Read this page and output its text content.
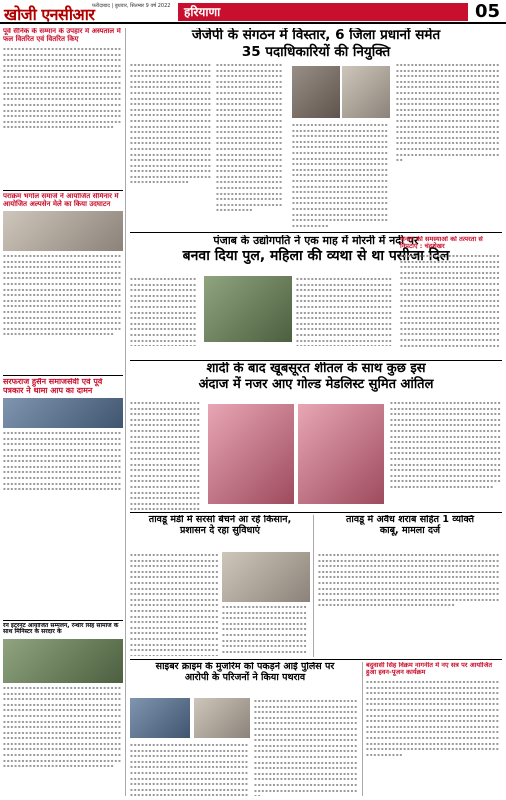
खोजी एनसीआर
फरीदाबाद | बुधवार, सितम्बर 9 वर्ष 2022	हरियाणा	05
पूर्व सैनिक के सम्मान के उपहार में अस्पताल में फल वितरित एवं वितरित किए
▪▪▪▪▪▪▪▪▪▪▪▪▪▪▪▪▪▪▪▪▪▪▪▪▪▪▪▪▪▪▪▪▪▪▪▪▪▪▪▪▪▪▪▪▪▪▪▪▪▪▪▪▪▪▪▪▪▪▪▪▪▪▪▪▪▪▪▪▪▪▪▪▪▪▪▪▪▪▪▪▪▪▪▪▪▪▪▪▪▪▪▪▪▪▪▪▪▪▪▪▪▪▪▪▪▪▪▪▪▪▪▪▪▪▪▪▪▪▪▪▪▪▪▪▪▪▪▪▪▪▪▪▪▪▪▪▪▪▪▪▪▪▪▪▪▪▪▪▪▪▪▪▪▪▪▪▪▪▪▪▪▪▪▪▪▪▪▪▪▪▪▪▪▪▪▪▪▪▪▪▪▪▪▪▪▪▪▪▪▪▪▪▪▪▪▪▪▪▪▪▪▪▪▪▪▪▪▪▪▪▪▪▪▪▪▪▪▪▪▪▪▪▪▪▪▪▪▪▪▪▪▪▪▪▪▪▪▪▪▪▪▪▪▪▪▪▪▪▪▪▪▪▪▪▪▪▪▪▪▪▪▪▪▪▪▪▪▪▪▪▪▪▪▪▪▪▪▪▪▪▪▪▪▪▪▪▪▪▪▪▪▪▪▪▪▪▪▪▪▪▪▪▪▪▪▪▪▪▪▪▪▪▪▪▪▪▪▪▪▪▪▪▪▪▪▪▪▪▪▪▪▪▪▪▪▪▪▪▪▪▪▪▪▪▪▪▪▪▪▪▪▪▪▪▪▪▪▪▪▪▪▪▪▪▪▪▪▪▪▪▪▪▪▪▪▪▪▪▪▪▪▪▪▪▪▪▪▪▪▪▪▪▪▪▪▪▪▪▪▪▪▪▪▪▪▪▪▪▪▪▪▪▪▪▪▪▪▪▪▪▪▪▪▪▪▪▪▪▪▪▪▪▪▪▪▪▪▪▪▪▪▪▪▪▪▪▪▪▪▪▪▪▪▪▪▪▪▪▪▪▪▪▪▪▪▪▪▪▪▪▪▪▪▪▪▪▪▪
पराक्रम भगोल समाजे ने आयोजित सेमिनार में आयोजित अल्पसेन मेले का किया उदघाटन
▪▪▪▪▪▪▪▪▪▪▪▪▪▪▪▪▪▪▪▪▪▪▪▪▪▪▪▪▪▪▪▪▪▪▪▪▪▪▪▪▪▪▪▪▪▪▪▪▪▪▪▪▪▪▪▪▪▪▪▪▪▪▪▪▪▪▪▪▪▪▪▪▪▪▪▪▪▪▪▪▪▪▪▪▪▪▪▪▪▪▪▪▪▪▪▪▪▪▪▪▪▪▪▪▪▪▪▪▪▪▪▪▪▪▪▪▪▪▪▪▪▪▪▪▪▪▪▪▪▪▪▪▪▪▪▪▪▪▪▪▪▪▪▪▪▪▪▪▪▪▪▪▪▪▪▪▪▪▪▪▪▪▪▪▪▪▪▪▪▪▪▪▪▪▪▪▪▪▪▪▪▪▪▪▪▪▪▪▪▪▪▪▪▪▪▪▪▪▪▪▪▪▪▪▪▪▪▪▪▪▪▪▪▪▪▪▪▪▪▪▪▪▪▪▪▪▪▪▪▪▪▪▪▪▪▪▪▪▪▪▪▪▪▪▪▪▪▪▪▪▪▪▪▪▪▪▪▪▪▪▪▪▪▪▪▪▪▪▪▪▪▪▪▪▪▪▪▪▪▪▪▪▪▪▪▪▪▪▪▪▪▪▪▪▪▪▪▪▪▪▪▪▪▪▪▪▪▪▪▪▪▪▪▪▪▪▪▪▪▪▪▪▪▪▪▪▪▪▪▪▪▪▪▪▪▪▪▪▪▪▪▪▪▪▪▪▪▪▪▪▪▪▪▪▪▪▪▪▪▪▪▪▪▪▪▪▪▪▪▪▪▪▪▪▪▪▪▪▪▪▪▪▪▪▪▪▪▪▪▪▪▪▪▪▪▪▪▪▪▪▪▪▪▪▪▪▪▪▪▪▪▪▪▪▪▪▪▪▪▪▪▪▪▪▪▪▪▪▪▪▪▪▪▪▪▪▪▪▪▪▪▪▪▪▪▪▪▪▪▪▪▪▪▪▪▪▪▪▪▪▪▪▪▪▪▪▪▪▪▪▪▪▪▪▪▪▪▪
सरफराज हुसैन समाजसेवी एवं पूर्व पत्रकार ने थामा आप का दामन
▪▪▪▪▪▪▪▪▪▪▪▪▪▪▪▪▪▪▪▪▪▪▪▪▪▪▪▪▪▪▪▪▪▪▪▪▪▪▪▪▪▪▪▪▪▪▪▪▪▪▪▪▪▪▪▪▪▪▪▪▪▪▪▪▪▪▪▪▪▪▪▪▪▪▪▪▪▪▪▪▪▪▪▪▪▪▪▪▪▪▪▪▪▪▪▪▪▪▪▪▪▪▪▪▪▪▪▪▪▪▪▪▪▪▪▪▪▪▪▪▪▪▪▪▪▪▪▪▪▪▪▪▪▪▪▪▪▪▪▪▪▪▪▪▪▪▪▪▪▪▪▪▪▪▪▪▪▪▪▪▪▪▪▪▪▪▪▪▪▪▪▪▪▪▪▪▪▪▪▪▪▪▪▪▪▪▪▪▪▪▪▪▪▪▪▪▪▪▪▪▪▪▪▪▪▪▪▪▪▪▪▪▪▪▪▪▪▪▪▪▪▪▪▪▪▪▪▪▪▪▪▪▪▪▪▪▪▪▪▪▪▪▪▪▪▪▪▪▪▪▪▪▪▪▪▪▪▪▪▪▪▪▪▪▪▪▪▪▪▪▪▪▪▪▪▪▪▪▪▪▪▪▪▪▪▪▪▪▪▪▪▪▪▪▪▪▪▪▪▪▪▪▪▪▪▪▪▪▪▪▪▪▪▪▪▪▪▪▪▪▪▪▪▪▪▪▪▪▪▪▪▪▪▪▪▪▪▪▪▪▪▪▪▪▪▪▪▪▪▪▪▪▪▪▪▪▪▪▪▪▪▪▪▪▪▪▪▪▪▪▪▪▪▪▪▪▪▪▪▪▪▪▪▪▪▪▪▪▪▪▪▪▪▪▪▪▪▪▪▪▪▪▪▪▪▪▪▪▪▪▪▪▪▪▪▪▪▪▪▪▪▪▪▪▪▪▪▪▪▪▪▪▪▪▪▪▪▪▪▪▪▪▪▪▪▪▪▪▪▪▪▪▪▪▪▪▪▪▪▪▪▪▪▪▪▪▪▪▪▪▪▪▪▪▪▪▪▪
रन इंटरनेट आयोजित सम्मेलन, रन्धीर सिंह सामाज के साथ मिनिस्टर के सरदार के
▪▪▪▪▪▪▪▪▪▪▪▪▪▪▪▪▪▪▪▪▪▪▪▪▪▪▪▪▪▪▪▪▪▪▪▪▪▪▪▪▪▪▪▪▪▪▪▪▪▪▪▪▪▪▪▪▪▪▪▪▪▪▪▪▪▪▪▪▪▪▪▪▪▪▪▪▪▪▪▪▪▪▪▪▪▪▪▪▪▪▪▪▪▪▪▪▪▪▪▪▪▪▪▪▪▪▪▪▪▪▪▪▪▪▪▪▪▪▪▪▪▪▪▪▪▪▪▪▪▪▪▪▪▪▪▪▪▪▪▪▪▪▪▪▪▪▪▪▪▪▪▪▪▪▪▪▪▪▪▪▪▪▪▪▪▪▪▪▪▪▪▪▪▪▪▪▪▪▪▪▪▪▪▪▪▪▪▪▪▪▪▪▪▪▪▪▪▪▪▪▪▪▪▪▪▪▪▪▪▪▪▪▪▪▪▪▪▪▪▪▪▪▪▪▪▪▪▪▪▪▪▪▪▪▪▪▪▪▪▪▪▪▪▪▪▪▪▪▪▪▪▪▪▪▪▪▪▪▪▪▪▪▪▪▪▪▪▪▪▪▪▪▪▪▪▪▪▪▪▪▪▪▪▪▪▪▪▪▪▪▪▪▪▪▪▪▪▪▪▪▪▪▪▪▪▪▪▪▪▪▪▪▪▪▪▪▪▪▪▪▪▪▪▪▪▪▪▪▪▪▪▪▪▪▪▪▪▪▪▪▪▪▪▪▪▪▪▪▪▪▪▪▪▪▪▪▪▪▪▪▪▪▪▪▪▪▪▪▪▪▪▪▪▪▪▪▪▪▪▪▪▪▪▪▪▪▪▪▪▪▪▪▪▪▪▪▪▪▪▪▪▪▪▪▪▪▪▪▪▪▪▪▪▪▪▪▪▪▪▪▪▪▪▪▪▪▪▪▪▪▪▪▪▪▪▪▪▪▪▪▪▪▪▪▪▪▪▪▪▪▪▪▪▪▪▪▪▪▪▪▪▪▪▪▪▪▪▪▪▪▪▪▪▪▪▪▪▪
जेजेपी के संगठन में विस्तार, 6 जिला प्रधानों समेत
35 पदाधिकारियों की नियुक्ति
▪▪▪▪▪▪▪▪▪▪▪▪▪▪▪▪▪▪▪▪▪▪▪▪▪▪▪▪▪▪▪▪▪▪▪▪▪▪▪▪▪▪▪▪▪▪▪▪▪▪▪▪▪▪▪▪▪▪▪▪▪▪▪▪▪▪▪▪▪▪▪▪▪▪▪▪▪▪▪▪▪▪▪▪▪▪▪▪▪▪▪▪▪▪▪▪▪▪▪▪▪▪▪▪▪▪▪▪▪▪▪▪▪▪▪▪▪▪▪▪▪▪▪▪▪▪▪▪▪▪▪▪▪▪▪▪▪▪▪▪▪▪▪▪▪▪▪▪▪▪▪▪▪▪▪▪▪▪▪▪▪▪▪▪▪▪▪▪▪▪▪▪▪▪▪▪▪▪▪▪▪▪▪▪▪▪▪▪▪▪▪▪▪▪▪▪▪▪▪▪▪▪▪▪▪▪▪▪▪▪▪▪▪▪▪▪▪▪▪▪▪▪▪▪▪▪▪▪▪▪▪▪▪▪▪▪▪▪▪▪▪▪▪▪▪▪▪▪▪▪▪▪▪▪▪▪▪▪▪▪▪▪▪▪▪▪▪▪▪▪▪▪▪▪▪▪▪▪▪▪▪▪▪▪▪▪▪▪▪▪▪▪▪▪▪▪▪▪▪▪▪▪▪▪▪▪▪▪▪▪▪▪▪▪▪▪▪▪▪▪▪▪▪▪▪▪▪▪▪▪▪▪▪▪▪▪▪▪▪▪▪▪▪▪▪▪▪▪▪▪▪▪▪▪▪▪▪▪▪▪▪▪▪▪▪▪▪▪▪▪▪▪▪▪▪▪▪▪▪▪▪▪▪▪▪▪▪▪▪▪▪▪▪▪▪▪▪▪▪▪▪▪▪▪▪▪▪▪▪▪▪▪▪▪▪▪▪▪▪▪▪▪▪▪▪▪▪▪▪▪▪▪▪▪▪▪▪▪▪▪▪▪▪▪▪▪▪▪▪▪▪▪▪▪▪▪▪▪▪▪▪▪▪▪▪▪▪▪▪▪▪▪▪▪▪▪▪▪
▪▪▪▪▪▪▪▪▪▪▪▪▪▪▪▪▪▪▪▪▪▪▪▪▪▪▪▪▪▪▪▪▪▪▪▪▪▪▪▪▪▪▪▪▪▪▪▪▪▪▪▪▪▪▪▪▪▪▪▪▪▪▪▪▪▪▪▪▪▪▪▪▪▪▪▪▪▪▪▪▪▪▪▪▪▪▪▪▪▪▪▪▪▪▪▪▪▪▪▪▪▪▪▪▪▪▪▪▪▪▪▪▪▪▪▪▪▪▪▪▪▪▪▪▪▪▪▪▪▪▪▪▪▪▪▪▪▪▪▪▪▪▪▪▪▪▪▪▪▪▪▪▪▪▪▪▪▪▪▪▪▪▪▪▪▪▪▪▪▪▪▪▪▪▪▪▪▪▪▪▪▪▪▪▪▪▪▪▪▪▪▪▪▪▪▪▪▪▪▪▪▪▪▪▪▪▪▪▪▪▪▪▪▪▪▪▪▪▪▪▪▪▪▪▪▪▪▪▪▪▪▪▪▪▪▪▪▪▪▪▪▪▪▪▪▪▪▪▪▪▪▪▪▪▪▪▪▪▪▪▪▪▪▪▪▪▪▪▪▪▪▪▪▪▪▪▪▪▪▪▪▪▪▪▪▪▪▪▪▪▪▪▪▪▪▪▪▪▪▪▪▪▪▪▪▪▪▪▪▪▪▪▪▪▪▪▪▪▪▪▪▪▪▪▪▪▪▪▪▪▪▪▪▪▪▪▪▪▪▪▪▪▪▪▪▪▪▪▪▪▪▪▪▪▪▪▪▪▪▪▪▪▪▪▪▪▪▪▪▪▪▪▪▪▪▪▪▪▪▪▪▪▪▪▪▪▪▪▪▪▪▪▪▪▪▪▪▪▪▪▪▪▪▪▪▪▪▪▪▪▪▪▪▪▪▪▪▪▪▪▪▪▪▪▪▪▪▪▪▪▪▪▪▪▪▪▪▪▪▪▪▪▪▪▪▪▪▪▪▪▪▪▪▪▪▪▪▪▪▪▪▪▪▪▪▪▪▪▪▪▪▪▪▪▪▪▪▪
▪▪▪▪▪▪▪▪▪▪▪▪▪▪▪▪▪▪▪▪▪▪▪▪▪▪▪▪▪▪▪▪▪▪▪▪▪▪▪▪▪▪▪▪▪▪▪▪▪▪▪▪▪▪▪▪▪▪▪▪▪▪▪▪▪▪▪▪▪▪▪▪▪▪▪▪▪▪▪▪▪▪▪▪▪▪▪▪▪▪▪▪▪▪▪▪▪▪▪▪▪▪▪▪▪▪▪▪▪▪▪▪▪▪▪▪▪▪▪▪▪▪▪▪▪▪▪▪▪▪▪▪▪▪▪▪▪▪▪▪▪▪▪▪▪▪▪▪▪▪▪▪▪▪▪▪▪▪▪▪▪▪▪▪▪▪▪▪▪▪▪▪▪▪▪▪▪▪▪▪▪▪▪▪▪▪▪▪▪▪▪▪▪▪▪▪▪▪▪▪▪▪▪▪▪▪▪▪▪▪▪▪▪▪▪▪▪▪▪▪▪▪▪▪▪▪▪▪▪▪▪▪▪▪▪▪▪▪▪▪▪▪▪▪▪▪▪▪▪▪▪▪▪▪▪▪▪▪▪▪▪▪▪▪▪▪▪▪▪▪▪▪▪▪▪▪▪▪▪▪▪▪▪▪▪▪▪▪▪▪▪▪▪▪▪▪▪▪▪▪▪▪▪▪▪▪▪▪▪▪▪▪▪▪▪▪▪▪▪▪▪▪▪▪▪▪▪▪▪▪▪▪▪▪▪▪▪▪▪▪▪▪▪▪▪▪▪▪▪▪▪▪▪▪▪▪▪▪▪▪▪▪▪▪▪▪▪▪▪▪▪▪▪▪▪▪▪▪▪▪▪▪▪▪▪▪▪▪▪▪▪▪▪▪▪▪▪▪▪▪▪▪▪▪▪▪▪▪▪▪▪▪▪▪▪▪▪▪▪▪▪▪▪▪▪▪▪▪▪▪▪▪▪▪▪▪▪▪▪▪▪▪▪▪▪▪▪▪▪▪▪▪▪▪▪▪▪▪▪▪▪▪▪▪▪▪▪▪▪▪▪▪▪▪▪▪▪▪
▪▪▪▪▪▪▪▪▪▪▪▪▪▪▪▪▪▪▪▪▪▪▪▪▪▪▪▪▪▪▪▪▪▪▪▪▪▪▪▪▪▪▪▪▪▪▪▪▪▪▪▪▪▪▪▪▪▪▪▪▪▪▪▪▪▪▪▪▪▪▪▪▪▪▪▪▪▪▪▪▪▪▪▪▪▪▪▪▪▪▪▪▪▪▪▪▪▪▪▪▪▪▪▪▪▪▪▪▪▪▪▪▪▪▪▪▪▪▪▪▪▪▪▪▪▪▪▪▪▪▪▪▪▪▪▪▪▪▪▪▪▪▪▪▪▪▪▪▪▪▪▪▪▪▪▪▪▪▪▪▪▪▪▪▪▪▪▪▪▪▪▪▪▪▪▪▪▪▪▪▪▪▪▪▪▪▪▪▪▪▪▪▪▪▪▪▪▪▪▪▪▪▪▪▪▪▪▪▪▪▪▪▪▪▪▪▪▪▪▪▪▪▪▪▪▪▪▪▪▪▪▪▪▪▪▪▪▪▪▪▪▪▪▪▪▪▪▪▪▪▪▪▪▪▪▪▪▪▪▪▪▪▪▪▪▪▪▪▪▪▪▪▪▪▪▪▪▪▪▪▪▪▪▪▪▪▪▪▪▪▪▪▪▪▪▪▪▪▪▪▪▪▪▪▪▪▪▪▪▪▪▪▪▪▪▪▪▪▪▪▪▪▪▪▪▪▪▪▪▪▪▪▪▪▪▪▪▪▪▪▪▪▪▪▪▪▪▪▪▪▪▪▪▪▪▪▪▪▪▪▪▪▪▪▪▪▪▪▪▪▪▪▪▪▪▪▪▪▪▪▪▪▪▪▪▪▪▪▪▪▪▪▪▪▪▪▪▪▪▪▪▪▪▪▪▪▪▪▪▪▪▪▪▪▪▪▪▪▪▪▪▪▪▪▪▪▪▪▪▪▪▪▪▪▪▪▪▪▪▪▪▪▪▪▪▪▪▪▪▪▪▪▪▪▪▪▪▪▪▪▪▪▪▪▪▪▪▪▪▪▪▪▪▪▪▪▪▪
पंजाब के उद्योगपति ने एक माह में मोरनी में नदी पर
बनवा दिया पुल, महिला की व्यथा से था पसीजा दिल
▪▪▪▪▪▪▪▪▪▪▪▪▪▪▪▪▪▪▪▪▪▪▪▪▪▪▪▪▪▪▪▪▪▪▪▪▪▪▪▪▪▪▪▪▪▪▪▪▪▪▪▪▪▪▪▪▪▪▪▪▪▪▪▪▪▪▪▪▪▪▪▪▪▪▪▪▪▪▪▪▪▪▪▪▪▪▪▪▪▪▪▪▪▪▪▪▪▪▪▪▪▪▪▪▪▪▪▪▪▪▪▪▪▪▪▪▪▪▪▪▪▪▪▪▪▪▪▪▪▪▪▪▪▪▪▪▪▪▪▪▪▪▪▪▪▪▪▪▪▪▪▪▪▪▪▪▪▪▪▪▪▪▪▪▪▪▪▪▪▪▪▪▪▪▪▪▪▪▪▪▪▪▪▪▪▪▪▪▪▪▪▪▪▪▪▪▪▪▪▪▪▪▪▪▪▪▪▪▪▪▪▪▪▪▪▪▪▪▪▪▪▪▪▪▪▪▪▪▪▪▪▪▪▪▪▪▪▪▪▪▪▪▪▪▪▪▪▪▪▪▪▪▪▪▪▪▪▪▪▪▪▪▪▪▪▪▪▪▪▪▪▪▪▪▪▪▪▪▪▪▪▪▪▪▪▪▪▪▪▪▪▪▪▪▪▪▪▪▪▪▪▪▪▪▪▪▪▪▪▪▪▪▪▪▪▪▪▪▪▪▪▪▪▪▪▪▪▪▪▪▪▪▪▪▪▪▪▪▪▪▪▪▪▪▪▪▪▪▪▪▪▪▪▪▪▪▪▪▪▪▪▪▪▪▪▪▪▪▪▪▪▪▪▪▪▪▪▪▪▪▪▪▪▪▪▪▪▪▪▪▪▪▪▪▪▪▪▪▪▪▪▪▪▪▪▪▪▪▪▪▪▪▪▪▪▪▪▪▪▪▪▪▪▪▪▪▪▪▪▪▪▪▪▪▪▪▪▪▪▪▪▪▪▪▪▪▪▪▪▪▪▪▪▪▪▪▪▪▪▪▪▪▪▪▪▪▪▪▪▪▪▪▪▪▪▪▪▪
▪▪▪▪▪▪▪▪▪▪▪▪▪▪▪▪▪▪▪▪▪▪▪▪▪▪▪▪▪▪▪▪▪▪▪▪▪▪▪▪▪▪▪▪▪▪▪▪▪▪▪▪▪▪▪▪▪▪▪▪▪▪▪▪▪▪▪▪▪▪▪▪▪▪▪▪▪▪▪▪▪▪▪▪▪▪▪▪▪▪▪▪▪▪▪▪▪▪▪▪▪▪▪▪▪▪▪▪▪▪▪▪▪▪▪▪▪▪▪▪▪▪▪▪▪▪▪▪▪▪▪▪▪▪▪▪▪▪▪▪▪▪▪▪▪▪▪▪▪▪▪▪▪▪▪▪▪▪▪▪▪▪▪▪▪▪▪▪▪▪▪▪▪▪▪▪▪▪▪▪▪▪▪▪▪▪▪▪▪▪▪▪▪▪▪▪▪▪▪▪▪▪▪▪▪▪▪▪▪▪▪▪▪▪▪▪▪▪▪▪▪▪▪▪▪▪▪▪▪▪▪▪▪▪▪▪▪▪▪▪▪▪▪▪▪▪▪▪▪▪▪▪▪▪▪▪▪▪▪▪▪▪▪▪▪▪▪▪▪▪▪▪▪▪▪▪▪▪▪▪▪▪▪▪▪▪▪▪▪▪▪▪▪▪▪▪▪▪▪▪▪▪▪▪▪▪▪▪▪▪▪▪▪▪▪▪▪▪▪▪▪▪▪▪▪▪▪▪▪▪▪▪▪▪▪▪▪▪▪▪▪▪▪▪▪▪▪▪▪▪▪▪▪▪▪▪▪▪▪▪▪▪▪▪▪▪▪▪▪▪▪▪▪▪▪▪▪▪▪▪▪▪▪▪▪▪▪▪▪▪▪▪▪▪▪▪▪▪▪▪▪▪▪▪▪▪▪▪▪▪▪▪▪▪▪▪▪▪▪▪▪▪▪▪▪▪▪▪▪▪▪▪▪▪▪▪▪▪▪▪▪▪▪▪▪▪▪▪▪▪▪▪▪▪▪▪▪▪▪▪▪▪▪▪▪▪▪▪▪▪▪▪▪▪▪▪▪▪
जनता की समस्याओं को तत्परता से निपटाएं : चंद्रशेखर
▪▪▪▪▪▪▪▪▪▪▪▪▪▪▪▪▪▪▪▪▪▪▪▪▪▪▪▪▪▪▪▪▪▪▪▪▪▪▪▪▪▪▪▪▪▪▪▪▪▪▪▪▪▪▪▪▪▪▪▪▪▪▪▪▪▪▪▪▪▪▪▪▪▪▪▪▪▪▪▪▪▪▪▪▪▪▪▪▪▪▪▪▪▪▪▪▪▪▪▪▪▪▪▪▪▪▪▪▪▪▪▪▪▪▪▪▪▪▪▪▪▪▪▪▪▪▪▪▪▪▪▪▪▪▪▪▪▪▪▪▪▪▪▪▪▪▪▪▪▪▪▪▪▪▪▪▪▪▪▪▪▪▪▪▪▪▪▪▪▪▪▪▪▪▪▪▪▪▪▪▪▪▪▪▪▪▪▪▪▪▪▪▪▪▪▪▪▪▪▪▪▪▪▪▪▪▪▪▪▪▪▪▪▪▪▪▪▪▪▪▪▪▪▪▪▪▪▪▪▪▪▪▪▪▪▪▪▪▪▪▪▪▪▪▪▪▪▪▪▪▪▪▪▪▪▪▪▪▪▪▪▪▪▪▪▪▪▪▪▪▪▪▪▪▪▪▪▪▪▪▪▪▪▪▪▪▪▪▪▪▪▪▪▪▪▪▪▪▪▪▪▪▪▪▪▪▪▪▪▪▪▪▪▪▪▪▪▪▪▪▪▪▪▪▪▪▪▪▪▪▪▪▪▪▪▪▪▪▪▪▪▪▪▪▪▪▪▪▪▪▪▪▪▪▪▪▪▪▪▪▪▪▪▪▪▪▪▪▪▪▪▪▪▪▪▪▪▪▪▪▪▪▪▪▪▪▪▪▪▪▪▪▪▪▪▪▪▪▪▪▪▪▪▪▪▪▪▪▪▪▪▪▪▪▪▪▪▪▪▪▪▪▪▪▪▪▪▪▪▪▪▪▪▪▪▪▪▪▪▪▪▪▪▪▪▪▪▪▪▪▪▪▪▪▪▪▪▪▪▪▪▪▪▪▪▪▪▪▪▪▪▪▪▪▪▪▪▪
शादी के बाद खूबसूरत शीतल के साथ कुछ इस
अंदाज में नजर आए गोल्ड मेडलिस्ट सुमित आंतिल
▪▪▪▪▪▪▪▪▪▪▪▪▪▪▪▪▪▪▪▪▪▪▪▪▪▪▪▪▪▪▪▪▪▪▪▪▪▪▪▪▪▪▪▪▪▪▪▪▪▪▪▪▪▪▪▪▪▪▪▪▪▪▪▪▪▪▪▪▪▪▪▪▪▪▪▪▪▪▪▪▪▪▪▪▪▪▪▪▪▪▪▪▪▪▪▪▪▪▪▪▪▪▪▪▪▪▪▪▪▪▪▪▪▪▪▪▪▪▪▪▪▪▪▪▪▪▪▪▪▪▪▪▪▪▪▪▪▪▪▪▪▪▪▪▪▪▪▪▪▪▪▪▪▪▪▪▪▪▪▪▪▪▪▪▪▪▪▪▪▪▪▪▪▪▪▪▪▪▪▪▪▪▪▪▪▪▪▪▪▪▪▪▪▪▪▪▪▪▪▪▪▪▪▪▪▪▪▪▪▪▪▪▪▪▪▪▪▪▪▪▪▪▪▪▪▪▪▪▪▪▪▪▪▪▪▪▪▪▪▪▪▪▪▪▪▪▪▪▪▪▪▪▪▪▪▪▪▪▪▪▪▪▪▪▪▪▪▪▪▪▪▪▪▪▪▪▪▪▪▪▪▪▪▪▪▪▪▪▪▪▪▪▪▪▪▪▪▪▪▪▪▪▪▪▪▪▪▪▪▪▪▪▪▪▪▪▪▪▪▪▪▪▪▪▪▪▪▪▪▪▪▪▪▪▪▪▪▪▪▪▪▪▪▪▪▪▪▪▪▪▪▪▪▪▪▪▪▪▪▪▪▪▪▪▪▪▪▪▪▪▪▪▪▪▪▪▪▪▪▪▪▪▪▪▪▪▪▪▪▪▪▪▪▪▪▪▪▪▪▪▪▪▪▪▪▪▪▪▪▪▪▪▪▪▪▪▪▪▪▪▪▪▪▪▪▪▪▪▪▪▪▪▪▪▪▪▪▪▪▪▪▪▪▪▪▪▪▪▪▪▪▪▪▪▪▪▪▪▪▪▪▪▪▪▪▪▪▪▪▪▪▪▪▪▪▪▪▪
▪▪▪▪▪▪▪▪▪▪▪▪▪▪▪▪▪▪▪▪▪▪▪▪▪▪▪▪▪▪▪▪▪▪▪▪▪▪▪▪▪▪▪▪▪▪▪▪▪▪▪▪▪▪▪▪▪▪▪▪▪▪▪▪▪▪▪▪▪▪▪▪▪▪▪▪▪▪▪▪▪▪▪▪▪▪▪▪▪▪▪▪▪▪▪▪▪▪▪▪▪▪▪▪▪▪▪▪▪▪▪▪▪▪▪▪▪▪▪▪▪▪▪▪▪▪▪▪▪▪▪▪▪▪▪▪▪▪▪▪▪▪▪▪▪▪▪▪▪▪▪▪▪▪▪▪▪▪▪▪▪▪▪▪▪▪▪▪▪▪▪▪▪▪▪▪▪▪▪▪▪▪▪▪▪▪▪▪▪▪▪▪▪▪▪▪▪▪▪▪▪▪▪▪▪▪▪▪▪▪▪▪▪▪▪▪▪▪▪▪▪▪▪▪▪▪▪▪▪▪▪▪▪▪▪▪▪▪▪▪▪▪▪▪▪▪▪▪▪▪▪▪▪▪▪▪▪▪▪▪▪▪▪▪▪▪▪▪▪▪▪▪▪▪▪▪▪▪▪▪▪▪▪▪▪▪▪▪▪▪▪▪▪▪▪▪▪▪▪▪▪▪▪▪▪▪▪▪▪▪▪▪▪▪▪▪▪▪▪▪▪▪▪▪▪▪▪▪▪▪▪▪▪▪▪▪▪▪▪▪▪▪▪▪▪▪▪▪▪▪▪▪▪▪▪▪▪▪▪▪▪▪▪▪▪▪▪▪▪▪▪▪▪▪▪▪▪▪▪▪▪▪▪▪▪▪▪▪▪▪▪▪▪▪▪▪▪▪▪▪▪▪▪▪▪▪▪▪▪▪▪▪▪▪▪▪▪▪▪▪▪▪▪▪▪▪▪▪▪▪▪▪▪▪▪▪▪▪▪▪▪▪▪▪▪▪▪▪▪▪▪▪▪▪▪▪▪▪▪▪▪▪▪▪▪▪▪▪▪▪▪▪▪▪▪▪▪▪
तावडू मंडी में सरसों बेचने आ रहे किसान,
प्रशासन दे रहा सुविधाएं
▪▪▪▪▪▪▪▪▪▪▪▪▪▪▪▪▪▪▪▪▪▪▪▪▪▪▪▪▪▪▪▪▪▪▪▪▪▪▪▪▪▪▪▪▪▪▪▪▪▪▪▪▪▪▪▪▪▪▪▪▪▪▪▪▪▪▪▪▪▪▪▪▪▪▪▪▪▪▪▪▪▪▪▪▪▪▪▪▪▪▪▪▪▪▪▪▪▪▪▪▪▪▪▪▪▪▪▪▪▪▪▪▪▪▪▪▪▪▪▪▪▪▪▪▪▪▪▪▪▪▪▪▪▪▪▪▪▪▪▪▪▪▪▪▪▪▪▪▪▪▪▪▪▪▪▪▪▪▪▪▪▪▪▪▪▪▪▪▪▪▪▪▪▪▪▪▪▪▪▪▪▪▪▪▪▪▪▪▪▪▪▪▪▪▪▪▪▪▪▪▪▪▪▪▪▪▪▪▪▪▪▪▪▪▪▪▪▪▪▪▪▪▪▪▪▪▪▪▪▪▪▪▪▪▪▪▪▪▪▪▪▪▪▪▪▪▪▪▪▪▪▪▪▪▪▪▪▪▪▪▪▪▪▪▪▪▪▪▪▪▪▪▪▪▪▪▪▪▪▪▪▪▪▪▪▪▪▪▪▪▪▪▪▪▪▪▪▪▪▪▪▪▪▪▪▪▪▪▪▪▪▪▪▪▪▪▪▪▪▪▪▪▪▪▪▪▪▪▪▪▪▪▪▪▪▪▪▪▪▪▪▪▪▪▪▪▪▪▪▪▪▪▪▪▪▪▪▪▪▪▪▪▪▪▪▪▪▪▪▪▪▪▪▪▪▪▪▪▪▪▪▪▪▪▪▪▪▪▪▪▪▪▪▪▪▪▪▪▪▪▪▪▪▪▪▪▪▪▪▪▪▪▪▪▪▪▪▪▪▪▪▪▪▪▪▪▪▪▪▪▪▪▪▪▪▪▪▪▪▪▪▪▪▪▪▪▪▪▪▪▪▪▪▪▪▪▪▪▪▪▪▪▪▪▪▪▪▪▪▪▪▪▪▪▪▪▪▪
▪▪▪▪▪▪▪▪▪▪▪▪▪▪▪▪▪▪▪▪▪▪▪▪▪▪▪▪▪▪▪▪▪▪▪▪▪▪▪▪▪▪▪▪▪▪▪▪▪▪▪▪▪▪▪▪▪▪▪▪▪▪▪▪▪▪▪▪▪▪▪▪▪▪▪▪▪▪▪▪▪▪▪▪▪▪▪▪▪▪▪▪▪▪▪▪▪▪▪▪▪▪▪▪▪▪▪▪▪▪▪▪▪▪▪▪▪▪▪▪▪▪▪▪▪▪▪▪▪▪▪▪▪▪▪▪▪▪▪▪▪▪▪▪▪▪▪▪▪▪▪▪▪▪▪▪▪▪▪▪▪▪▪▪▪▪▪▪▪▪▪▪▪▪▪▪▪▪▪▪▪▪▪▪▪▪▪▪▪▪▪▪▪▪▪▪▪▪▪▪▪▪▪▪▪▪▪▪▪▪▪▪▪▪▪▪▪▪▪▪▪▪▪▪▪▪▪▪▪▪▪▪▪▪▪▪▪▪▪▪▪▪▪▪▪▪▪▪▪▪▪▪▪▪▪▪▪▪▪▪▪▪▪▪▪▪▪▪▪▪▪▪▪▪▪▪▪▪▪▪▪▪▪▪▪▪▪▪▪▪▪▪▪▪▪▪▪▪▪▪▪▪▪▪▪▪▪▪▪▪▪▪▪▪▪▪▪▪▪▪▪▪▪▪▪▪▪▪▪▪▪▪▪▪▪▪▪▪▪▪▪▪▪▪▪▪▪▪▪▪▪▪▪▪▪▪▪▪▪▪▪▪▪▪▪▪▪▪▪▪▪▪▪▪▪▪▪▪▪▪▪▪▪▪▪▪▪▪▪▪▪▪▪▪▪▪▪▪▪▪▪▪▪▪▪▪▪▪▪▪▪▪▪▪▪▪▪▪▪▪▪▪▪▪▪▪▪▪▪▪▪▪▪▪▪▪▪▪▪▪▪▪▪▪▪▪▪▪▪▪▪▪▪▪▪▪▪▪▪▪▪▪▪▪▪▪▪▪▪▪▪▪▪▪▪▪▪▪
तावडू में अवैध शराब सहित 1 व्यक्ति
काबू, मामला दर्ज
▪▪▪▪▪▪▪▪▪▪▪▪▪▪▪▪▪▪▪▪▪▪▪▪▪▪▪▪▪▪▪▪▪▪▪▪▪▪▪▪▪▪▪▪▪▪▪▪▪▪▪▪▪▪▪▪▪▪▪▪▪▪▪▪▪▪▪▪▪▪▪▪▪▪▪▪▪▪▪▪▪▪▪▪▪▪▪▪▪▪▪▪▪▪▪▪▪▪▪▪▪▪▪▪▪▪▪▪▪▪▪▪▪▪▪▪▪▪▪▪▪▪▪▪▪▪▪▪▪▪▪▪▪▪▪▪▪▪▪▪▪▪▪▪▪▪▪▪▪▪▪▪▪▪▪▪▪▪▪▪▪▪▪▪▪▪▪▪▪▪▪▪▪▪▪▪▪▪▪▪▪▪▪▪▪▪▪▪▪▪▪▪▪▪▪▪▪▪▪▪▪▪▪▪▪▪▪▪▪▪▪▪▪▪▪▪▪▪▪▪▪▪▪▪▪▪▪▪▪▪▪▪▪▪▪▪▪▪▪▪▪▪▪▪▪▪▪▪▪▪▪▪▪▪▪▪▪▪▪▪▪▪▪▪▪▪▪▪▪▪▪▪▪▪▪▪▪▪▪▪▪▪▪▪▪▪▪▪▪▪▪▪▪▪▪▪▪▪▪▪▪▪▪▪▪▪▪▪▪▪▪▪▪▪▪▪▪▪▪▪▪▪▪▪▪▪▪▪▪▪▪▪▪▪▪▪▪▪▪▪▪▪▪▪▪▪▪▪▪▪▪▪▪▪▪▪▪▪▪▪▪▪▪▪▪▪▪▪▪▪▪▪▪▪▪▪▪▪▪▪▪▪▪▪▪▪▪▪▪▪▪▪▪▪▪▪▪▪▪▪▪▪▪▪▪▪▪▪▪▪▪▪▪▪▪▪▪▪▪▪▪▪▪▪▪▪▪▪▪▪▪▪▪▪▪▪▪▪▪▪▪▪▪▪▪▪▪▪▪▪▪▪▪▪▪▪▪▪▪▪▪▪▪▪▪▪▪▪▪▪▪▪▪▪▪▪▪▪
साइबर क्राइम के मुजरिम को पकड़ने आई पुलिस पर
आरोपी के परिजनों ने किया पथराव
▪▪▪▪▪▪▪▪▪▪▪▪▪▪▪▪▪▪▪▪▪▪▪▪▪▪▪▪▪▪▪▪▪▪▪▪▪▪▪▪▪▪▪▪▪▪▪▪▪▪▪▪▪▪▪▪▪▪▪▪▪▪▪▪▪▪▪▪▪▪▪▪▪▪▪▪▪▪▪▪▪▪▪▪▪▪▪▪▪▪▪▪▪▪▪▪▪▪▪▪▪▪▪▪▪▪▪▪▪▪▪▪▪▪▪▪▪▪▪▪▪▪▪▪▪▪▪▪▪▪▪▪▪▪▪▪▪▪▪▪▪▪▪▪▪▪▪▪▪▪▪▪▪▪▪▪▪▪▪▪▪▪▪▪▪▪▪▪▪▪▪▪▪▪▪▪▪▪▪▪▪▪▪▪▪▪▪▪▪▪▪▪▪▪▪▪▪▪▪▪▪▪▪▪▪▪▪▪▪▪▪▪▪▪▪▪▪▪▪▪▪▪▪▪▪▪▪▪▪▪▪▪▪▪▪▪▪▪▪▪▪▪▪▪▪▪▪▪▪▪▪▪▪▪▪▪▪▪▪▪▪▪▪▪▪▪▪▪▪▪▪▪▪▪▪▪▪▪▪▪▪▪▪▪▪▪▪▪▪▪▪▪▪▪▪▪▪▪▪▪▪▪▪▪▪▪▪▪▪▪▪▪▪▪▪▪▪▪▪▪▪▪▪▪▪▪▪▪▪▪▪▪▪▪▪▪▪▪▪▪▪▪▪▪▪▪▪▪▪▪▪▪▪▪▪▪▪▪▪▪▪▪▪▪▪▪▪▪▪▪▪▪▪▪▪▪▪▪▪▪▪▪▪▪▪▪▪▪▪▪▪▪▪▪▪▪▪▪▪▪▪▪▪▪▪▪▪▪▪▪▪▪▪▪▪▪▪▪▪▪▪▪▪▪▪▪▪▪▪▪▪▪▪▪▪▪▪▪▪▪▪▪▪▪▪▪▪▪▪▪▪▪▪▪▪▪▪▪▪▪▪▪▪▪▪▪▪▪▪▪▪▪▪▪▪▪▪▪
▪▪▪▪▪▪▪▪▪▪▪▪▪▪▪▪▪▪▪▪▪▪▪▪▪▪▪▪▪▪▪▪▪▪▪▪▪▪▪▪▪▪▪▪▪▪▪▪▪▪▪▪▪▪▪▪▪▪▪▪▪▪▪▪▪▪▪▪▪▪▪▪▪▪▪▪▪▪▪▪▪▪▪▪▪▪▪▪▪▪▪▪▪▪▪▪▪▪▪▪▪▪▪▪▪▪▪▪▪▪▪▪▪▪▪▪▪▪▪▪▪▪▪▪▪▪▪▪▪▪▪▪▪▪▪▪▪▪▪▪▪▪▪▪▪▪▪▪▪▪▪▪▪▪▪▪▪▪▪▪▪▪▪▪▪▪▪▪▪▪▪▪▪▪▪▪▪▪▪▪▪▪▪▪▪▪▪▪▪▪▪▪▪▪▪▪▪▪▪▪▪▪▪▪▪▪▪▪▪▪▪▪▪▪▪▪▪▪▪▪▪▪▪▪▪▪▪▪▪▪▪▪▪▪▪▪▪▪▪▪▪▪▪▪▪▪▪▪▪▪▪▪▪▪▪▪▪▪▪▪▪▪▪▪▪▪▪▪▪▪▪▪▪▪▪▪▪▪▪▪▪▪▪▪▪▪▪▪▪▪▪▪▪▪▪▪▪▪▪▪▪▪▪▪▪▪▪▪▪▪▪▪▪▪▪▪▪▪▪▪▪▪▪▪▪▪▪▪▪▪▪▪▪▪▪▪▪▪▪▪▪▪▪▪▪▪▪▪▪▪▪▪▪▪▪▪▪▪▪▪▪▪▪▪▪▪▪▪▪▪▪▪▪▪▪▪▪▪▪▪▪▪▪▪▪▪▪▪▪▪▪▪▪▪▪▪▪▪▪▪▪▪▪▪▪▪▪▪▪▪▪▪▪▪▪▪▪▪▪▪▪▪▪▪▪▪▪▪▪▪▪▪▪▪▪▪▪▪▪▪▪▪▪▪▪▪▪▪▪▪▪▪▪▪▪▪▪▪▪▪▪▪▪▪▪▪▪▪▪▪▪▪▪▪▪▪▪▪
बदुवासी सिंह विक्रम नागनीत में नए सत्र पर आयोजित हुआ हवन-पूजन कार्यक्रम
▪▪▪▪▪▪▪▪▪▪▪▪▪▪▪▪▪▪▪▪▪▪▪▪▪▪▪▪▪▪▪▪▪▪▪▪▪▪▪▪▪▪▪▪▪▪▪▪▪▪▪▪▪▪▪▪▪▪▪▪▪▪▪▪▪▪▪▪▪▪▪▪▪▪▪▪▪▪▪▪▪▪▪▪▪▪▪▪▪▪▪▪▪▪▪▪▪▪▪▪▪▪▪▪▪▪▪▪▪▪▪▪▪▪▪▪▪▪▪▪▪▪▪▪▪▪▪▪▪▪▪▪▪▪▪▪▪▪▪▪▪▪▪▪▪▪▪▪▪▪▪▪▪▪▪▪▪▪▪▪▪▪▪▪▪▪▪▪▪▪▪▪▪▪▪▪▪▪▪▪▪▪▪▪▪▪▪▪▪▪▪▪▪▪▪▪▪▪▪▪▪▪▪▪▪▪▪▪▪▪▪▪▪▪▪▪▪▪▪▪▪▪▪▪▪▪▪▪▪▪▪▪▪▪▪▪▪▪▪▪▪▪▪▪▪▪▪▪▪▪▪▪▪▪▪▪▪▪▪▪▪▪▪▪▪▪▪▪▪▪▪▪▪▪▪▪▪▪▪▪▪▪▪▪▪▪▪▪▪▪▪▪▪▪▪▪▪▪▪▪▪▪▪▪▪▪▪▪▪▪▪▪▪▪▪▪▪▪▪▪▪▪▪▪▪▪▪▪▪▪▪▪▪▪▪▪▪▪▪▪▪▪▪▪▪▪▪▪▪▪▪▪▪▪▪▪▪▪▪▪▪▪▪▪▪▪▪▪▪▪▪▪▪▪▪▪▪▪▪▪▪▪▪▪▪▪▪▪▪▪▪▪▪▪▪▪▪▪▪▪▪▪▪▪▪▪▪▪▪▪▪▪▪▪▪▪▪▪▪▪▪▪▪▪▪▪▪▪▪▪▪▪▪▪▪▪▪▪▪▪▪▪▪▪▪▪▪▪▪▪▪▪▪▪▪▪▪▪▪▪▪▪▪▪▪▪▪▪▪▪▪▪▪▪▪▪▪▪
